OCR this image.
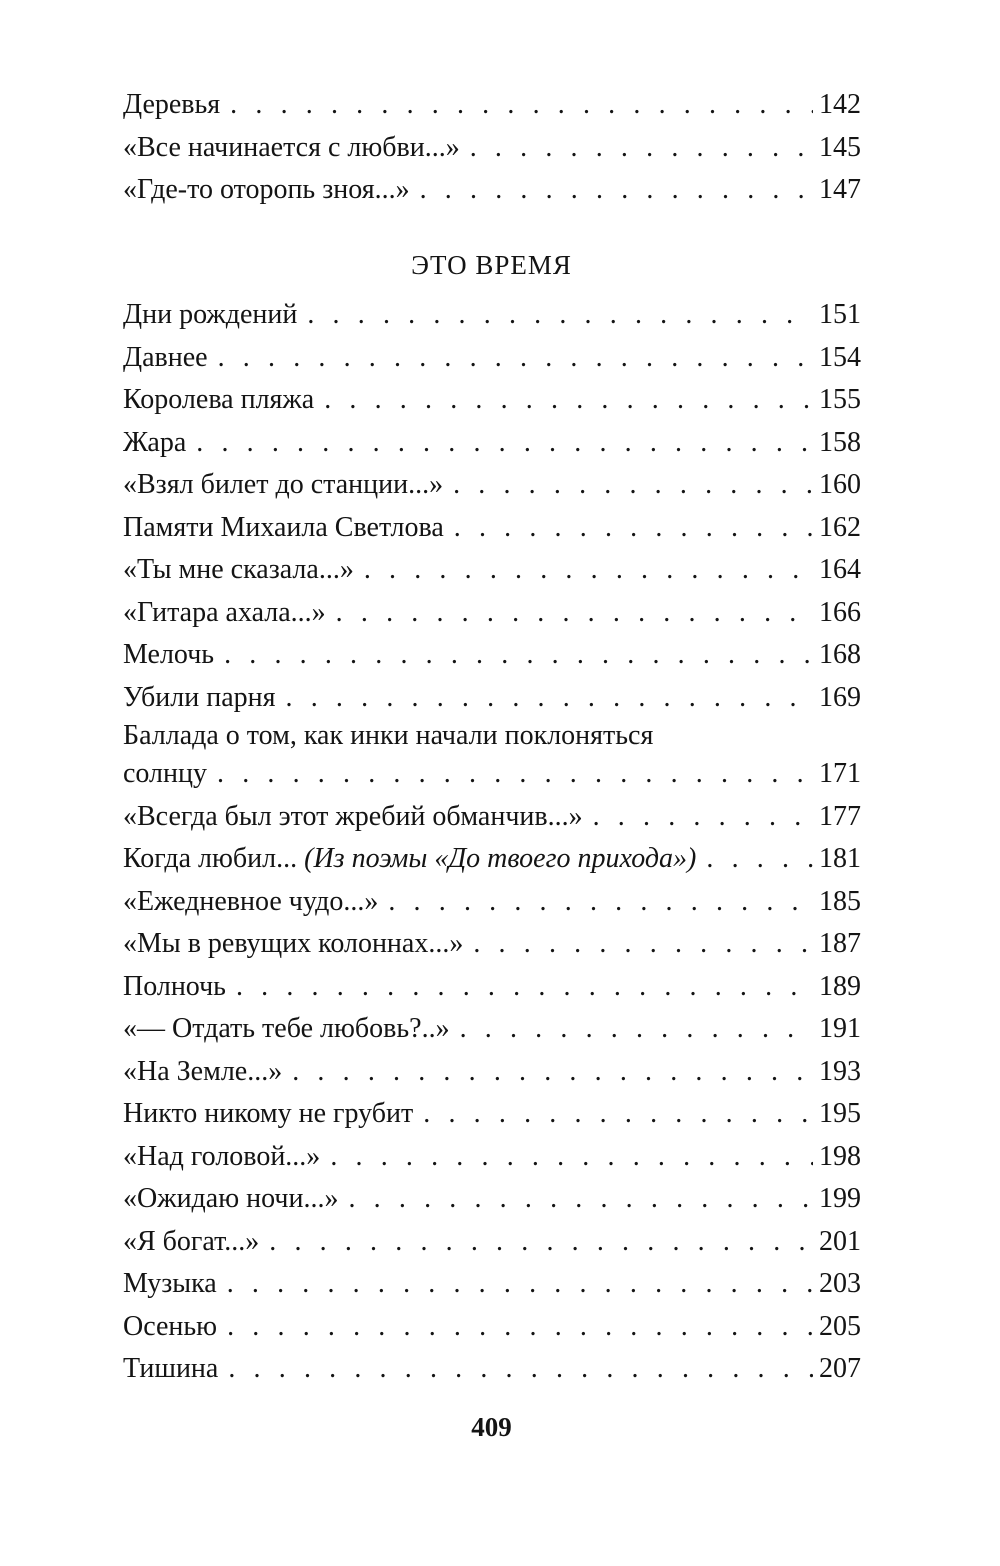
Деревья . . .	142
«Все начинается с любви...» . . .	145
«Где-то оторопь зноя...» . . .	147
ЭТО ВРЕМЯ
Дни рождений . . .	151
Давнее . . .	154
Королева пляжа . . .	155
Жара . . .	158
«Взял билет до станции...» . . .	160
Памяти Михаила Светлова . . .	162
«Ты мне сказала...» . . .	164
«Гитара ахала...» . . .	166
Мелочь . . .	168
Убили парня . . .	169
Баллада о том, как инки начали поклоняться
солнцу . . .	171
«Всегда был этот жребий обманчив...» . . .	177
Когда любил... (Из поэмы «До твоего прихода») . . .	181
«Ежедневное чудо...» . . .	185
«Мы в ревущих колоннах...» . . .	187
Полночь . . .	189
«— Отдать тебе любовь?..» . . .	191
«На Земле...» . . .	193
Никто никому не грубит . . .	195
«Над головой...» . . .	198
«Ожидаю ночи...» . . .	199
«Я богат...» . . .	201
Музыка . . .	203
Осенью . . .	205
Тишина . . .	207
409
